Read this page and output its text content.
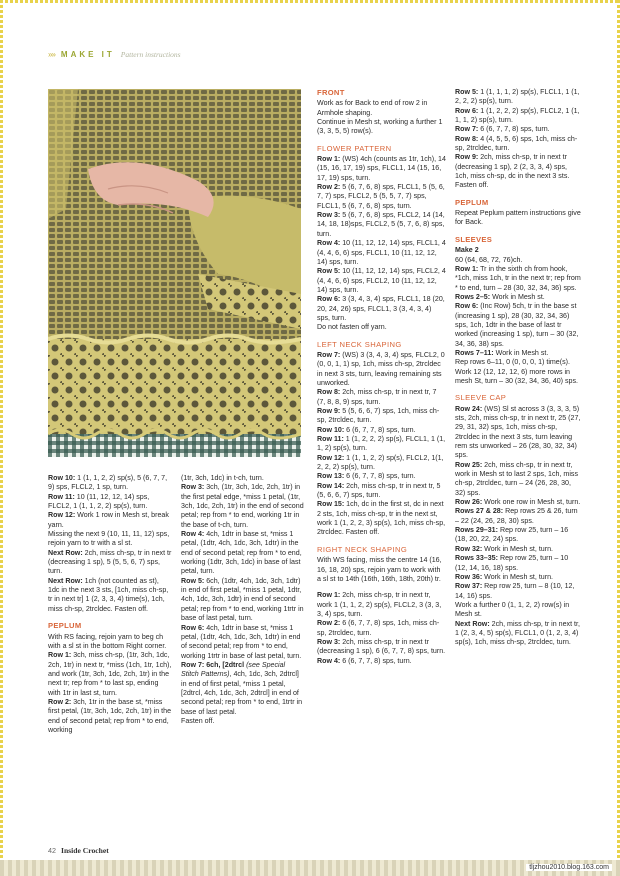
»» MAKE IT Pattern instructions

Row 10: 1 (1, 1, 2, 2) sp(s), 5 (6, 7, 7, 9) sps, FLCL2, 1 sp, turn.

Row 11: 10 (11, 12, 12, 14) sps, FLCL2, 1 (1, 1, 2, 2) sp(s), turn.

Row 12: Work 1 row in Mesh st, break yarn.

Missing the next 9 (10, 11, 11, 12) sps, rejoin yarn to tr with a sl st.

Next Row: 2ch, miss ch-sp, tr in next tr (decreasing 1 sp), 5 (5, 5, 6, 7) sps, turn.

Next Row: 1ch (not counted as st), 1dc in the next 3 sts, [1ch, miss ch-sp, tr in next tr] 1 (2, 3, 3, 4) time(s), 1ch, miss ch-sp, 2trcldec. Fasten off.

PEPLUM

With RS facing, rejoin yarn to beg ch with a sl st in the bottom Right corner.

Row 1: 3ch, miss ch-sp, (1tr, 3ch, 1dc, 2ch, 1tr) in next tr, *miss (1ch, 1tr, 1ch), and work (1tr, 3ch, 1dc, 2ch, 1tr) in the next tr; rep from * to last sp, ending with 1tr in last st, turn.

Row 2: 3ch, 1tr in the base st, *miss first petal, (1tr, 3ch, 1dc, 2ch, 1tr) in the end of second petal; rep from * to end, working

(1tr, 3ch, 1dc) in t-ch, turn.

Row 3: 3ch, (1tr, 3ch, 1dc, 2ch, 1tr) in the first petal edge, *miss 1 petal, (1tr, 3ch, 1dc, 2ch, 1tr) in the end of second petal; rep from * to end, working 1tr in the base of t-ch, turn.

Row 4: 4ch, 1dtr in base st, *miss 1 petal, (1dtr, 4ch, 1dc, 3ch, 1dtr) in the end of second petal; rep from * to end, working (1dtr, 3ch, 1dc) in base of last petal, turn.

Row 5: 6ch, (1dtr, 4ch, 1dc, 3ch, 1dtr) in end of first petal, *miss 1 petal, 1dtr, 4ch, 1dc, 3ch, 1dtr) in end of second petal; rep from * to end, working 1trtr in base of last petal, turn.

Row 6: 4ch, 1dtr in base st, *miss 1 petal, (1dtr, 4ch, 1dc, 3ch, 1dtr) in end of second petal; rep from * to end, working 1trtr in base of last petal, turn.

Row 7: 6ch, [2dtrcl (see Special Stitch Patterns), 4ch, 1dc, 3ch, 2dtrcl] in end of first petal, *miss 1 petal, [2dtrcl, 4ch, 1dc, 3ch, 2dtrcl] in end of second petal; rep from * to end, 1trtr in base of last petal.

Fasten off.

FRONT

Work as for Back to end of row 2 in Armhole shaping.
Continue in Mesh st, working a further 1 (3, 3, 5, 5) row(s).

FLOWER PATTERN

Row 1: (WS) 4ch (counts as 1tr, 1ch), 14 (15, 16, 17, 19) sps, FLCL1, 14 (15, 16, 17, 19) sps, turn.

Row 2: 5 (6, 7, 6, 8) sps, FLCL1, 5 (5, 6, 7, 7) sps, FLCL2, 5 (5, 5, 7, 7) sps, FLCL1, 5 (6, 7, 6, 8) sps, turn.

Row 3: 5 (6, 7, 6, 8) sps, FLCL2, 14 (14, 14, 18, 18)sps, FLCL2, 5 (5, 7, 6, 8) sps, turn.

Row 4: 10 (11, 12, 12, 14) sps, FLCL1, 4 (4, 4, 6, 6) sps, FLCL1, 10 (11, 12, 12, 14) sps, turn.

Row 5: 10 (11, 12, 12, 14) sps, FLCL2, 4 (4, 4, 6, 6) sps, FLCL2, 10 (11, 12, 12, 14) sps, turn.

Row 6: 3 (3, 4, 3, 4) sps, FLCL1, 18 (20, 20, 24, 26) sps, FLCL1, 3 (3, 4, 3, 4) sps, turn.

Do not fasten off yarn.

LEFT NECK SHAPING

Row 7: (WS) 3 (3, 4, 3, 4) sps, FLCL2, 0 (0, 0, 1, 1) sp, 1ch, miss ch-sp, 2trcldec in next 3 sts, turn, leaving remaining sts unworked.

Row 8: 2ch, miss ch-sp, tr in next tr, 7 (7, 8, 8, 9) sps, turn.

Row 9: 5 (5, 6, 6, 7) sps, 1ch, miss ch-sp, 2trcldec, turn.

Row 10: 6 (6, 7, 7, 8) sps, turn.

Row 11: 1 (1, 2, 2, 2) sp(s), FLCL1, 1 (1, 1, 2) sp(s), turn.

Row 12: 1 (1, 1, 2, 2) sp(s), FLCL2, 1(1, 2, 2, 2) sp(s), turn.

Row 13: 6 (6, 7, 7, 8) sps, turn.

Row 14: 2ch, miss ch-sp, tr in next tr, 5 (5, 6, 6, 7) sps, turn.

Row 15: 1ch, dc in the first st, dc in next 2 sts, 1ch, miss ch-sp, tr in the next st, work 1 (1, 2, 2, 3) sp(s), 1ch, miss ch-sp, 2trcldec. Fasten off.

RIGHT NECK SHAPING

With WS facing, miss the centre 14 (16, 16, 18, 20) sps, rejoin yarn to work with a sl st to 14th (16th, 16th, 18th, 20th) tr.

Row 1: 2ch, miss ch-sp, tr in next tr, work 1 (1, 1, 2, 2) sp(s), FLCL2, 3 (3, 3, 3, 4) sps, turn.

Row 2: 6 (6, 7, 7, 8) sps, 1ch, miss ch-sp, 2trcldec, turn.

Row 3: 2ch, miss ch-sp, tr in next tr (decreasing 1 sp), 6 (6, 7, 7, 8) sps, turn.

Row 4: 6 (6, 7, 7, 8) sps, turn.

Row 5: 1 (1, 1, 1, 2) sp(s), FLCL1, 1 (1, 2, 2, 2) sp(s), turn.

Row 6: 1 (1, 2, 2, 2) sp(s), FLCL2, 1 (1, 1, 1, 2) sp(s), turn.

Row 7: 6 (6, 7, 7, 8) sps, turn.

Row 8: 4 (4, 5, 5, 6) sps, 1ch, miss ch-sp, 2trcldec, turn.

Row 9: 2ch, miss ch-sp, tr in next tr (decreasing 1 sp), 2 (2, 3, 3, 4) sps, 1ch, miss ch-sp, dc in the next 3 sts.

Fasten off.

PEPLUM

Repeat Peplum pattern instructions give for Back.

SLEEVES

Make 2

60 (64, 68, 72, 76)ch.

Row 1: Tr in the sixth ch from hook, *1ch, miss 1ch, tr in the next tr; rep from * to end, turn – 28 (30, 32, 34, 36) sps.

Rows 2–5: Work in Mesh st.

Row 6: (Inc Row) 5ch, tr in the base st (increasing 1 sp), 28 (30, 32, 34, 36) sps, 1ch, 1dtr in the base of last tr worked (increasing 1 sp), turn – 30 (32, 34, 36, 38) sps.

Rows 7–11: Work in Mesh st.

Rep rows 6–11, 0 (0, 0, 0, 1) time(s).

Work 12 (12, 12, 12, 6) more rows in mesh St, turn – 30 (32, 34, 36, 40) sps.

SLEEVE CAP

Row 24: (WS) Sl st across 3 (3, 3, 3, 5) sts, 2ch, miss ch-sp, tr in next tr, 25 (27, 29, 31, 32) sps, 1ch, miss ch-sp, 2trcldec in the next 3 sts, turn leaving rem sts unworked – 26 (28, 30, 32, 34) sps.

Row 25: 2ch, miss ch-sp, tr in next tr, work in Mesh st to last 2 sps, 1ch, miss ch-sp, 2trcldec, turn – 24 (26, 28, 30, 32) sps.

Row 26: Work one row in Mesh st, turn.

Rows 27 & 28: Rep rows 25 & 26, turn – 22 (24, 26, 28, 30) sps.

Rows 29–31: Rep row 25, turn – 16 (18, 20, 22, 24) sps.

Row 32: Work in Mesh st, turn.

Rows 33–35: Rep row 25, turn – 10 (12, 14, 16, 18) sps.

Row 36: Work in Mesh st, turn.

Row 37: Rep row 25, turn – 8 (10, 12, 14, 16) sps.

Work a further 0 (1, 1, 2, 2) row(s) in Mesh st.

Next Row: 2ch, miss ch-sp, tr in next tr, 1 (2, 3, 4, 5) sp(s), FLCL1, 0 (1, 2, 3, 4) sp(s), 1ch, miss ch-sp, 2trcldec, turn.

42 Inside Crochet
tljzhou2010.blog.163.com
